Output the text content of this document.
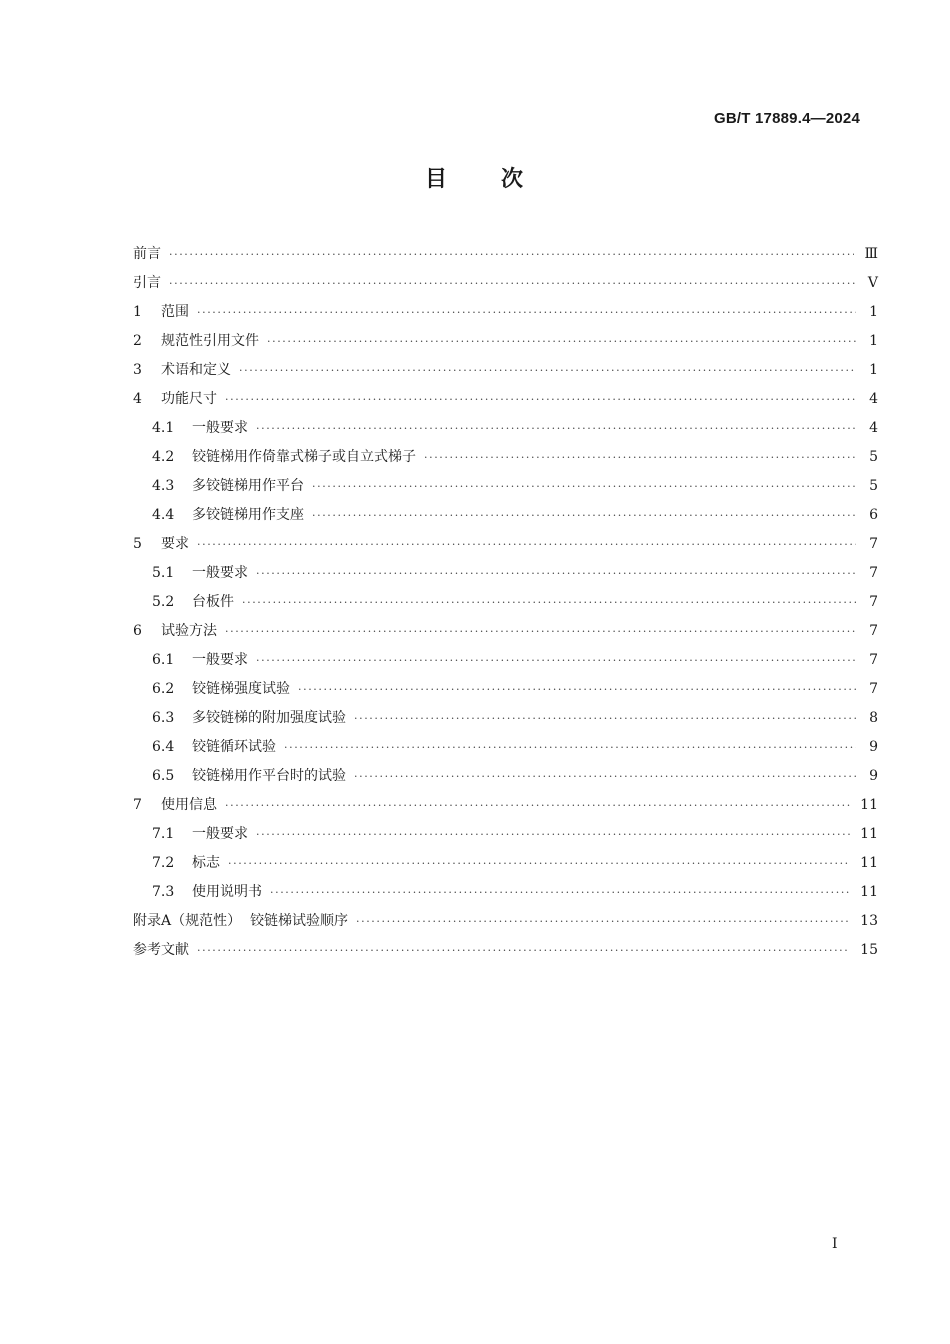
GB/T 17889.4—2024
目 次
前言 ·····	Ⅲ
引言 ·····	Ⅴ
1	范围 ·····	1
2	规范性引用文件 ·····	1
3	术语和定义 ·····	1
4	功能尺寸 ·····	4
4.1	一般要求 ·····	4
4.2	铰链梯用作倚靠式梯子或自立式梯子 ·····	5
4.3	多铰链梯用作平台 ·····	5
4.4	多铰链梯用作支座 ·····	6
5	要求 ·····	7
5.1	一般要求 ·····	7
5.2	台板件 ·····	7
6	试验方法 ·····	7
6.1	一般要求 ·····	7
6.2	铰链梯强度试验 ·····	7
6.3	多铰链梯的附加强度试验 ·····	8
6.4	铰链循环试验 ·····	9
6.5	铰链梯用作平台时的试验 ·····	9
7	使用信息 ·····	11
7.1	一般要求 ·····	11
7.2	标志 ·····	11
7.3	使用说明书 ·····	11
附录A（规范性）  铰链梯试验顺序 ·····	13
参考文献 ·····	15
Ⅰ
